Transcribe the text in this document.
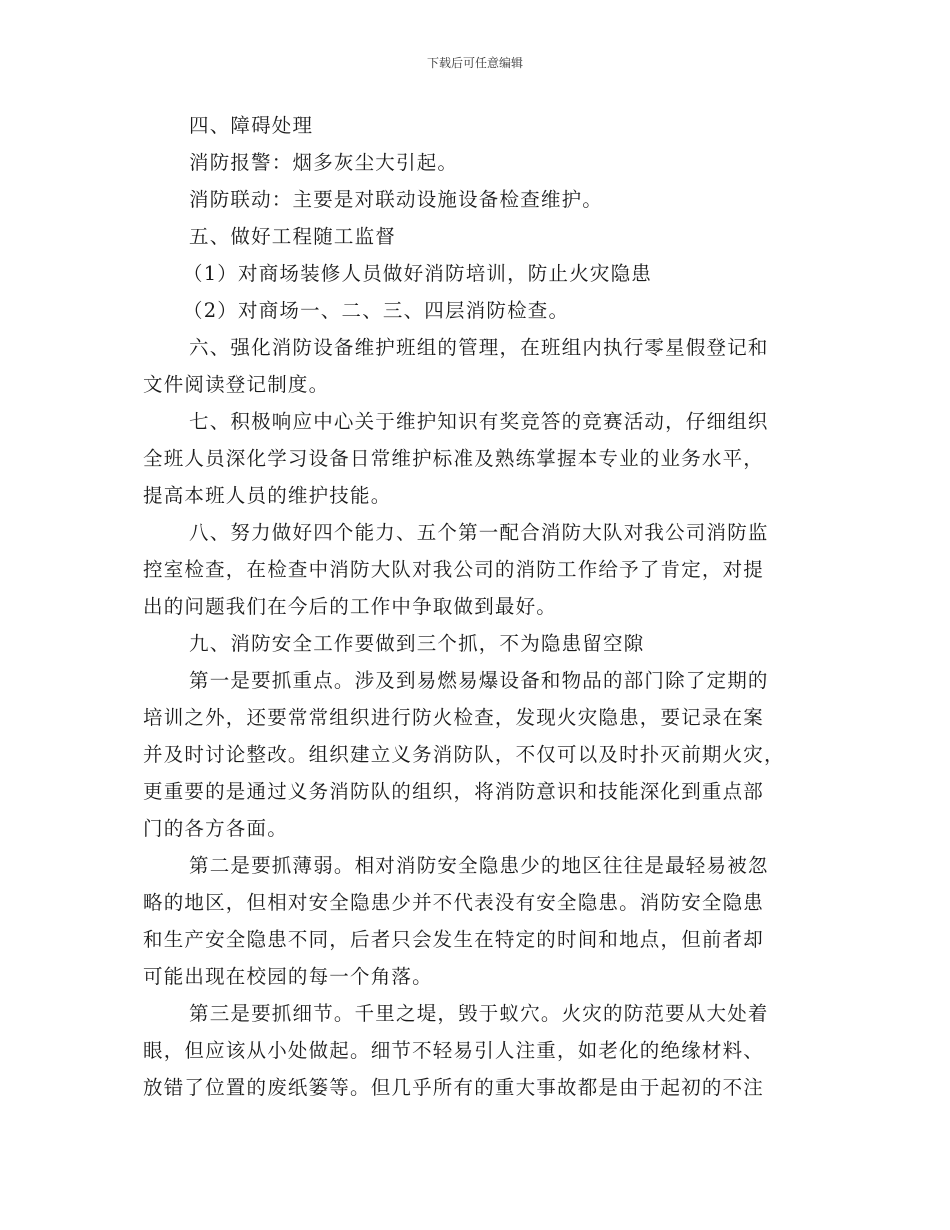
下载后可任意编辑

四、障碍处理

消防报警：烟多灰尘大引起。

消防联动：主要是对联动设施设备检查维护。

五、做好工程随工监督

（1）对商场装修人员做好消防培训，防止火灾隐患

（2）对商场一、二、三、四层消防检查。

六、强化消防设备维护班组的管理，在班组内执行零星假登记和

文件阅读登记制度。

七、积极响应中心关于维护知识有奖竞答的竞赛活动，仔细组织

全班人员深化学习设备日常维护标准及熟练掌握本专业的业务水平，

提高本班人员的维护技能。

八、努力做好四个能力、五个第一配合消防大队对我公司消防监

控室检查，在检查中消防大队对我公司的消防工作给予了肯定，对提

出的问题我们在今后的工作中争取做到最好。

九、消防安全工作要做到三个抓，不为隐患留空隙

第一是要抓重点。涉及到易燃易爆设备和物品的部门除了定期的

培训之外，还要常常组织进行防火检查，发现火灾隐患，要记录在案

并及时讨论整改。组织建立义务消防队，不仅可以及时扑灭前期火灾，

更重要的是通过义务消防队的组织，将消防意识和技能深化到重点部

门的各方各面。

第二是要抓薄弱。相对消防安全隐患少的地区往往是最轻易被忽

略的地区，但相对安全隐患少并不代表没有安全隐患。消防安全隐患

和生产安全隐患不同，后者只会发生在特定的时间和地点，但前者却

可能出现在校园的每一个角落。

第三是要抓细节。千里之堤，毁于蚁穴。火灾的防范要从大处着

眼，但应该从小处做起。细节不轻易引人注重，如老化的绝缘材料、

放错了位置的废纸篓等。但几乎所有的重大事故都是由于起初的不注
